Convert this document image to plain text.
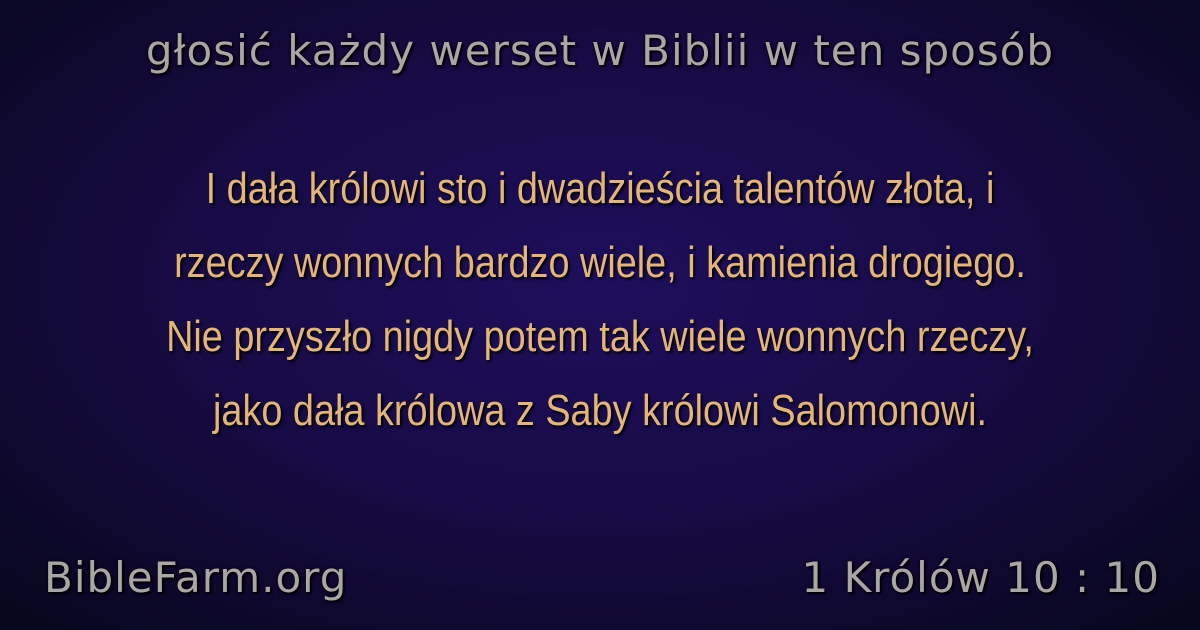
głosić każdy werset w Biblii w ten sposób
I dała królowi sto i dwadzieścia talentów złota, i
rzeczy wonnych bardzo wiele, i kamienia drogiego.
Nie przyszło nigdy potem tak wiele wonnych rzeczy,
jako dała królowa z Saby królowi Salomonowi.
BibleFarm.org	1 Królów 10 : 10
